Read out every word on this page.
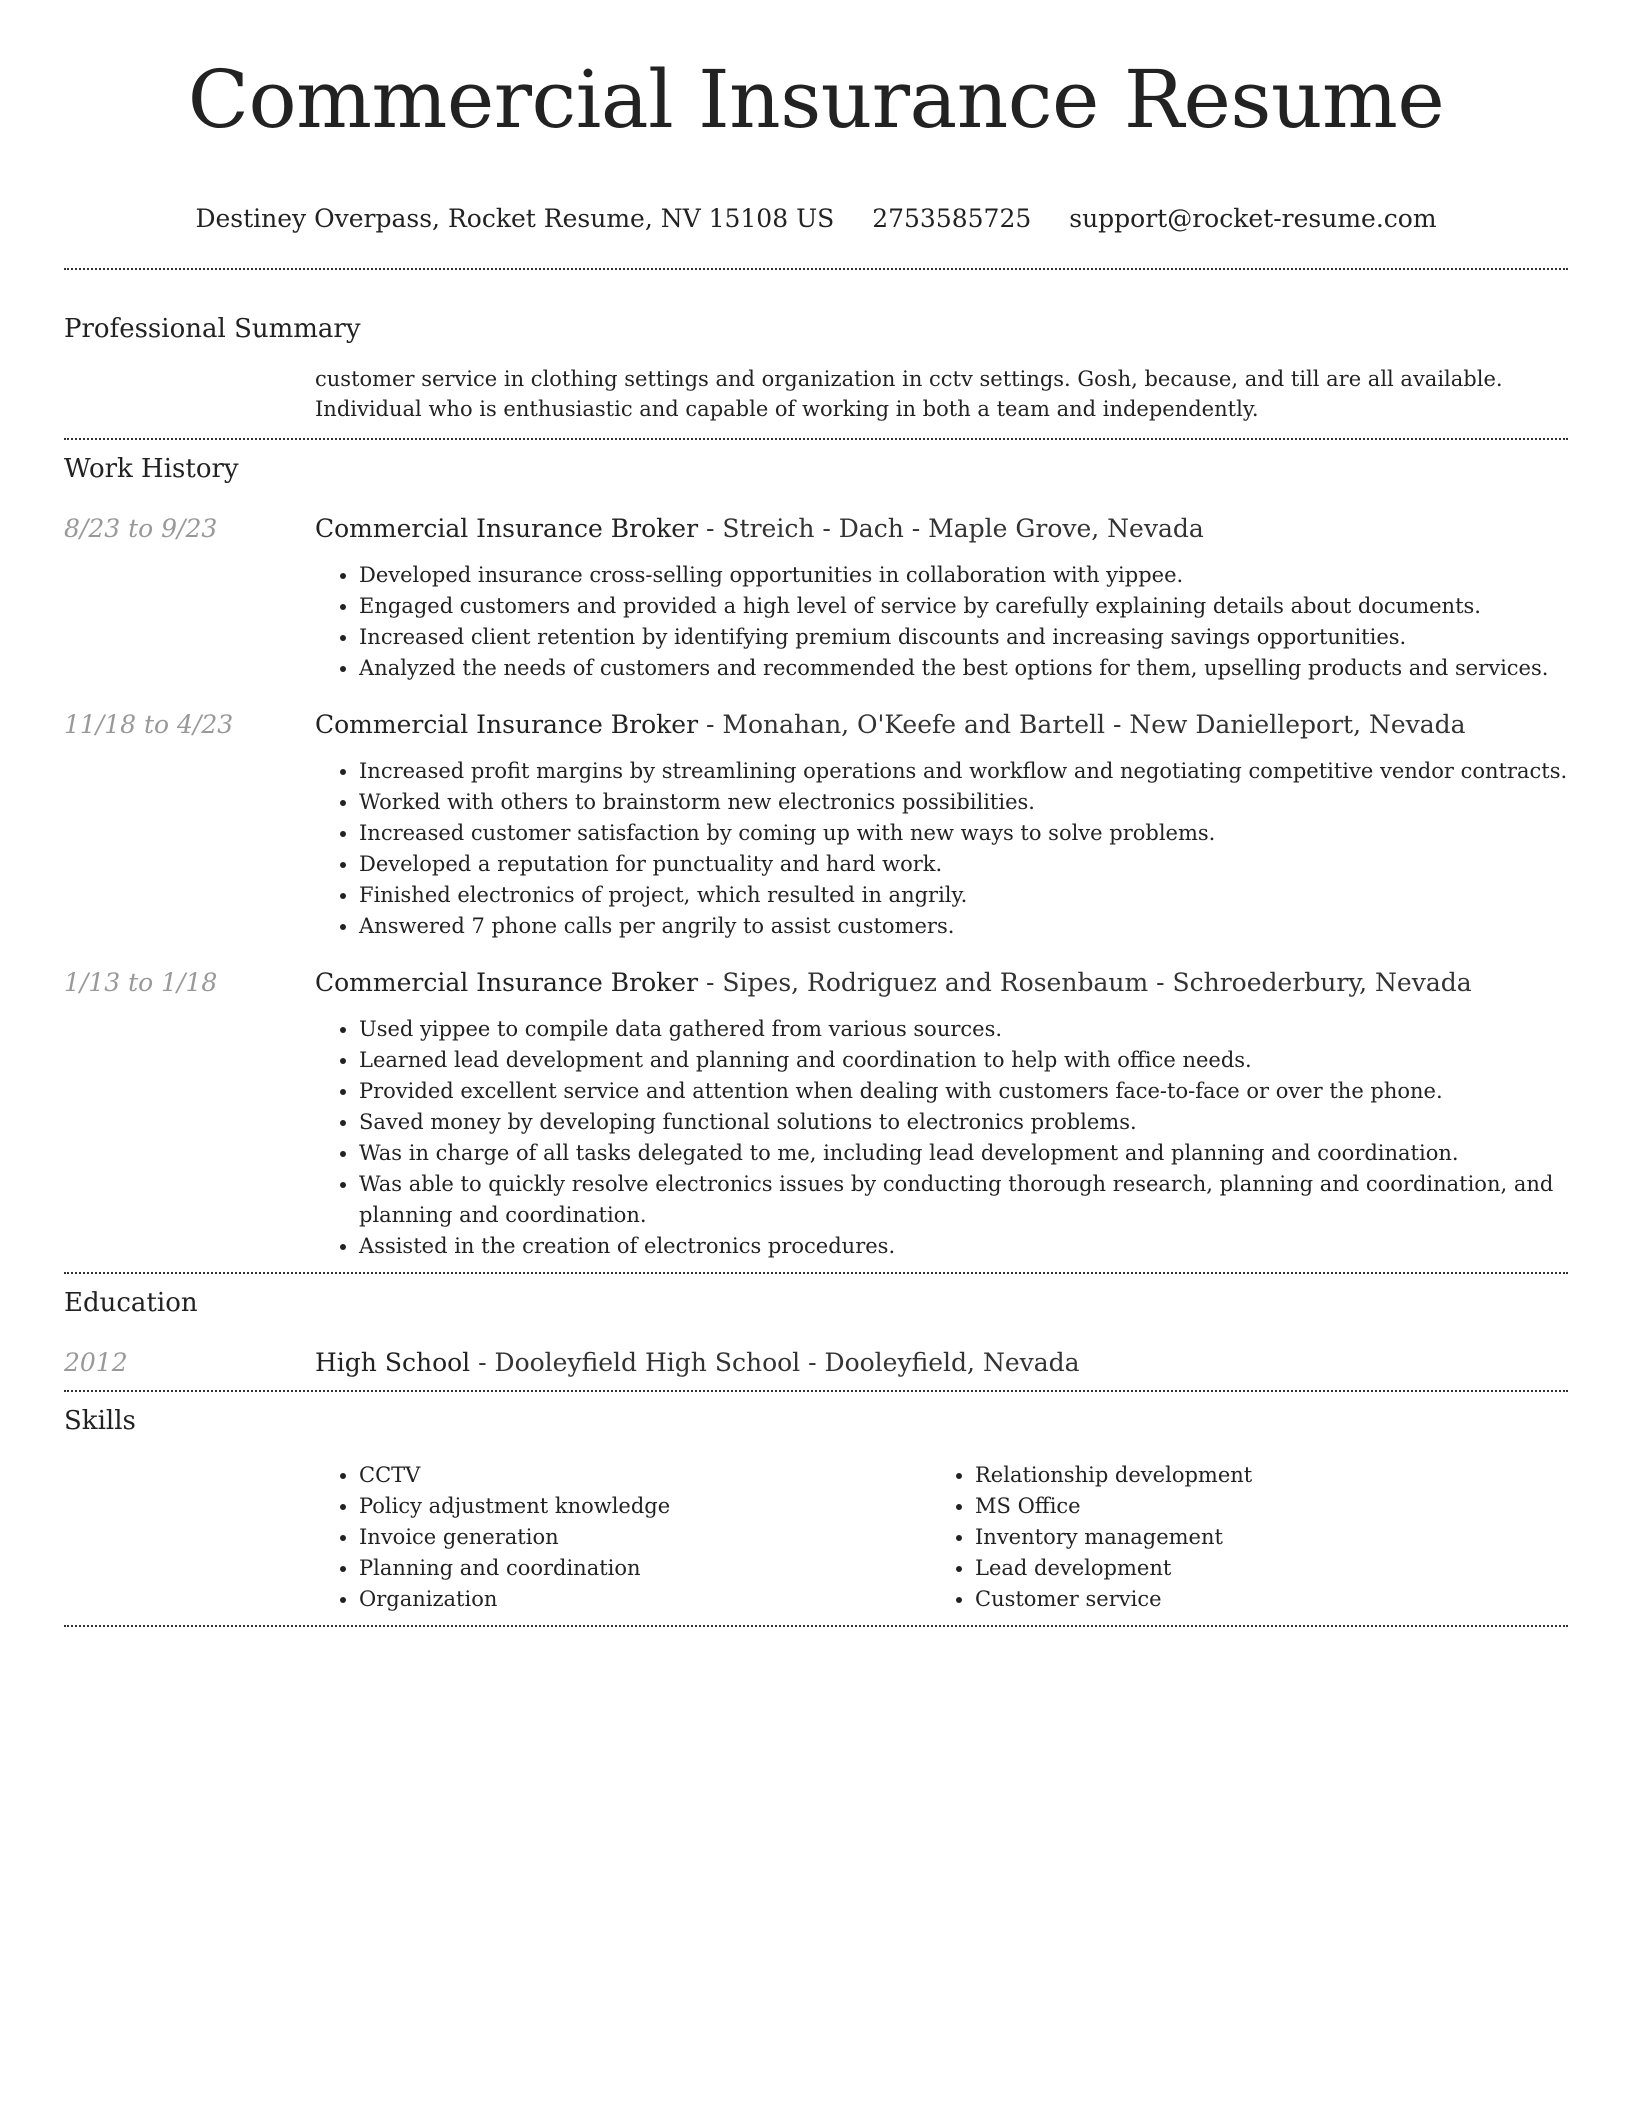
Commercial Insurance Resume
Destiney Overpass, Rocket Resume, NV 15108 US 2753585725 support@rocket-resume.com
Professional Summary

customer service in clothing settings and organization in cctv settings. Gosh, because, and till are all available. Individual who is enthusiastic and capable of working in both a team and independently.

Work History
8/23 to 9/23	Commercial Insurance Broker - Streich - Dach - Maple Grove, Nevada
• Developed insurance cross-selling opportunities in collaboration with yippee.
• Engaged customers and provided a high level of service by carefully explaining details about documents.
• Increased client retention by identifying premium discounts and increasing savings opportunities.
• Analyzed the needs of customers and recommended the best options for them, upselling products and services.
11/18 to 4/23	Commercial Insurance Broker - Monahan, O'Keefe and Bartell - New Danielleport, Nevada
• Increased profit margins by streamlining operations and workflow and negotiating competitive vendor contracts.
• Worked with others to brainstorm new electronics possibilities.
• Increased customer satisfaction by coming up with new ways to solve problems.
• Developed a reputation for punctuality and hard work.
• Finished electronics of project, which resulted in angrily.
• Answered 7 phone calls per angrily to assist customers.
1/13 to 1/18	Commercial Insurance Broker - Sipes, Rodriguez and Rosenbaum - Schroederbury, Nevada
• Used yippee to compile data gathered from various sources.
• Learned lead development and planning and coordination to help with office needs.
• Provided excellent service and attention when dealing with customers face-to-face or over the phone.
• Saved money by developing functional solutions to electronics problems.
• Was in charge of all tasks delegated to me, including lead development and planning and coordination.
• Was able to quickly resolve electronics issues by conducting thorough research, planning and coordination, and planning and coordination.
• Assisted in the creation of electronics procedures.
Education
2012	High School - Dooleyfield High School - Dooleyfield, Nevada
Skills
• CCTV
• Policy adjustment knowledge
• Invoice generation
• Planning and coordination
• Organization
• Relationship development
• MS Office
• Inventory management
• Lead development
• Customer service
